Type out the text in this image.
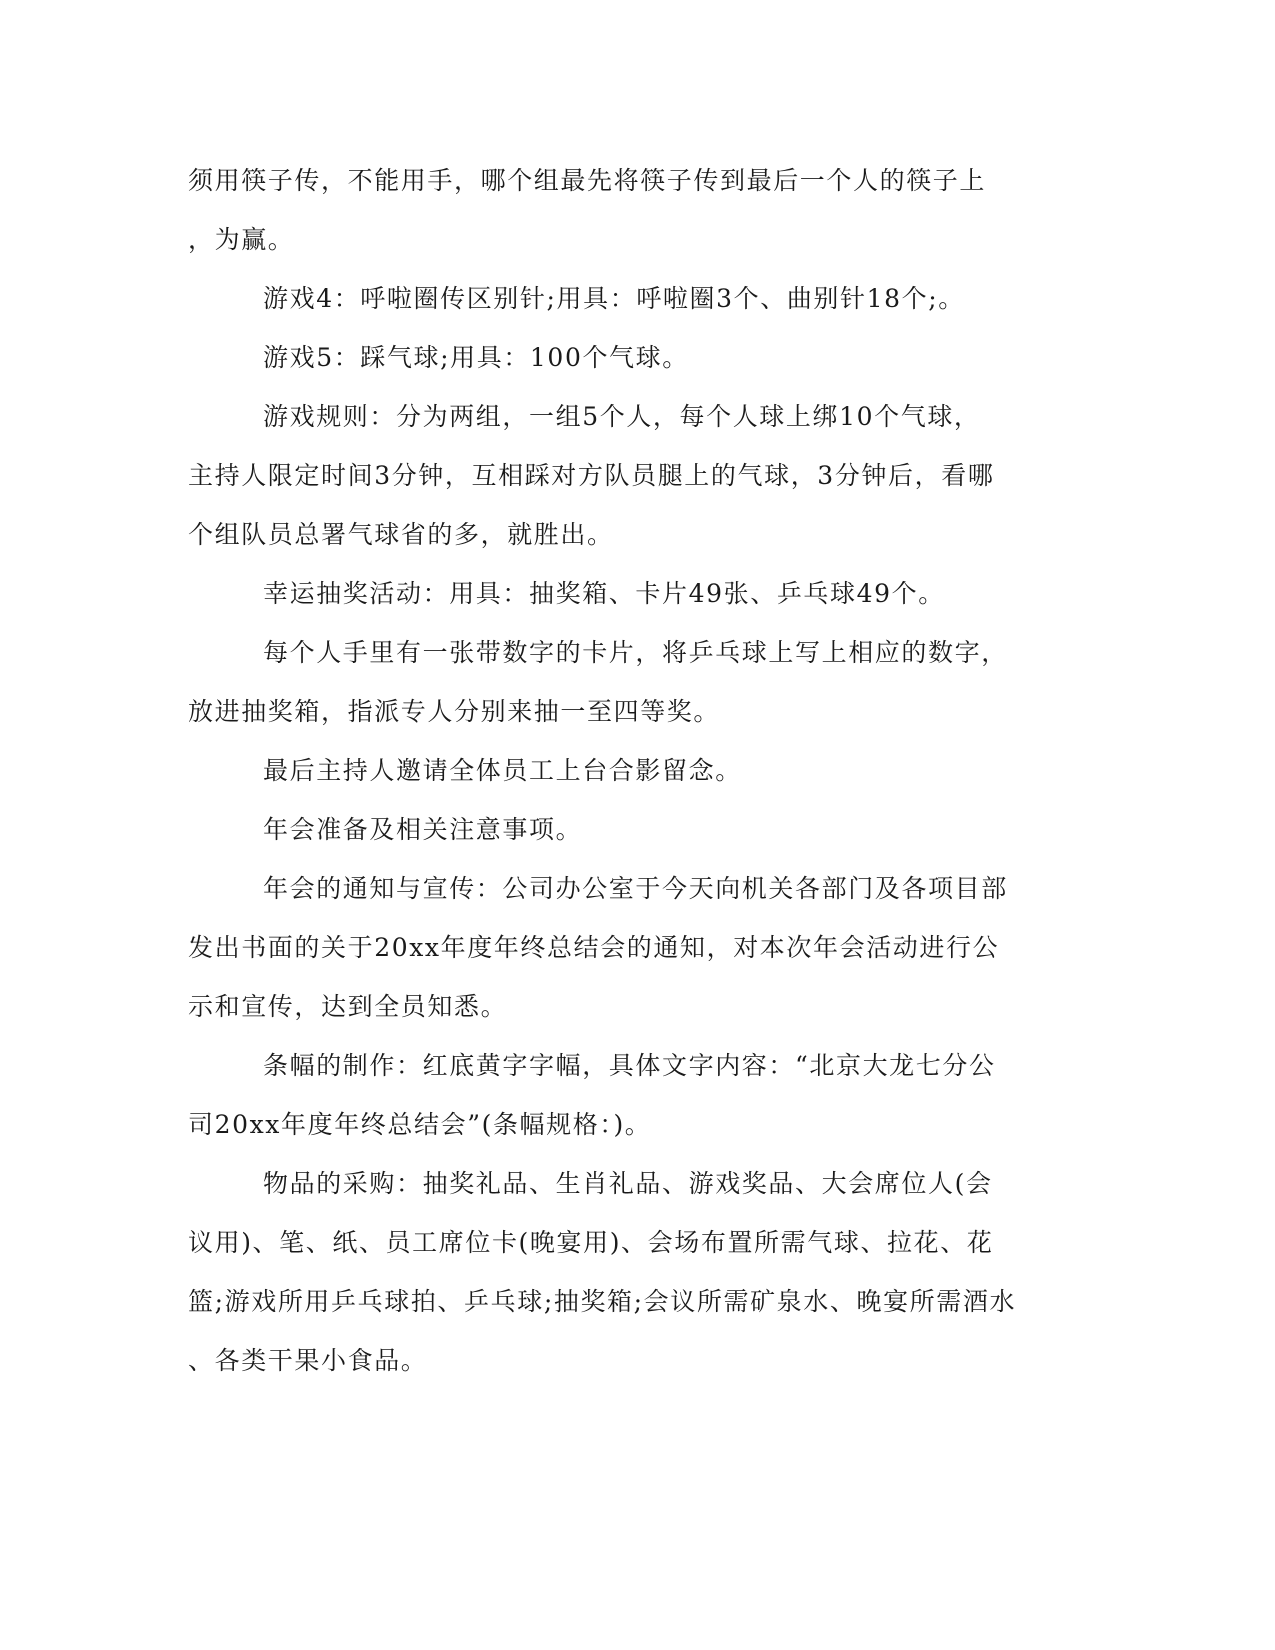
须用筷子传，不能用手，哪个组最先将筷子传到最后一个人的筷子上
，为赢。
游戏4：呼啦圈传区别针;用具：呼啦圈3个、曲别针18个;。
游戏5：踩气球;用具：100个气球。
游戏规则：分为两组，一组5个人，每个人球上绑10个气球，
主持人限定时间3分钟，互相踩对方队员腿上的气球，3分钟后，看哪
个组队员总署气球省的多，就胜出。
幸运抽奖活动：用具：抽奖箱、卡片49张、乒乓球49个。
每个人手里有一张带数字的卡片，将乒乓球上写上相应的数字，
放进抽奖箱，指派专人分别来抽一至四等奖。
最后主持人邀请全体员工上台合影留念。
年会准备及相关注意事项。
年会的通知与宣传：公司办公室于今天向机关各部门及各项目部
发出书面的关于20xx年度年终总结会的通知，对本次年会活动进行公
示和宣传，达到全员知悉。
条幅的制作：红底黄字字幅，具体文字内容：“北京大龙七分公
司20xx年度年终总结会”(条幅规格：)。
物品的采购：抽奖礼品、生肖礼品、游戏奖品、大会席位人(会
议用)、笔、纸、员工席位卡(晚宴用)、会场布置所需气球、拉花、花
篮;游戏所用乒乓球拍、乒乓球;抽奖箱;会议所需矿泉水、晚宴所需酒水
、各类干果小食品。
